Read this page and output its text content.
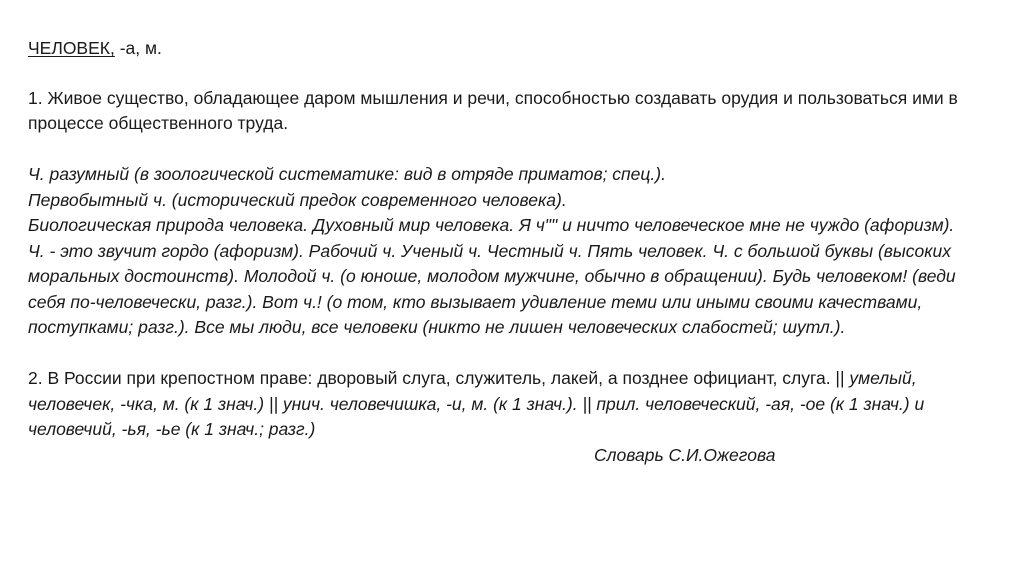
ЧЕЛОВЕК, -а, м.

1. Живое существо, обладающее даром мышления и речи, способностью создавать орудия и пользоваться ими в процессе общественного труда.

Ч. разумный (в зоологической систематике: вид в отряде приматов; спец.).

Первобытный ч. (исторический предок современного человека).

Биологическая природа человека. Духовный мир человека. Я ч"" и ничто человеческое мне не чуждо (афоризм).

Ч. - это звучит гордо (афоризм). Рабочий ч. Ученый ч. Честный ч. Пять человек. Ч. с большой буквы (высоких моральных достоинств). Молодой ч. (о юноше, молодом мужчине, обычно в обращении). Будь человеком! (веди себя по-человечески, разг.). Вот ч.! (о том, кто вызывает удивление теми или иными своими качествами, поступками; разг.). Все мы люди, все человеки (никто не лишен человеческих слабостей; шутл.).

2. В России при крепостном праве: дворовый слуга, служитель, лакей, а позднее официант, слуга. || умелый, человечек, -чка, м. (к 1 знач.) || унич. человечишка, -и, м. (к 1 знач.). || прил. человеческий, -ая, -ое (к 1 знач.) и человечий, -ья, -ье (к 1 знач.; разг.)

Словарь С.И.Ожегова
